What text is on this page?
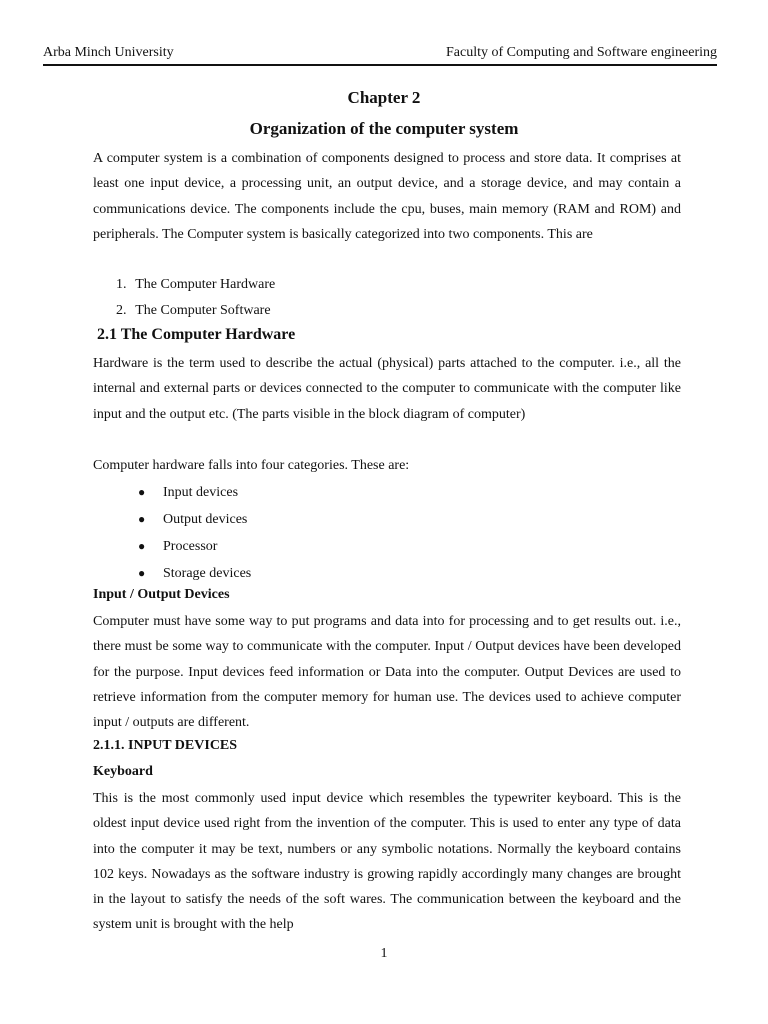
Arba Minch University	Faculty of Computing and Software engineering
Chapter 2
Organization of the computer system
A computer system is a combination of components designed to process and store data. It comprises at least one input device, a processing unit, an output device, and a storage device, and may contain a communications device. The components include the cpu, buses, main memory (RAM and ROM) and peripherals. The Computer system is basically categorized into two components. This are
1. The Computer Hardware
2. The Computer Software
2.1 The Computer Hardware
Hardware is the term used to describe the actual (physical) parts attached to the computer. i.e., all the internal and external parts or devices connected to the computer to communicate with the computer like input and the output etc. (The parts visible in the block diagram of computer)
Computer hardware falls into four categories. These are:
●	Input devices
●	Output devices
●	Processor
●	Storage devices
Input / Output Devices
Computer must have some way to put programs and data into for processing and to get results out. i.e., there must be some way to communicate with the computer. Input / Output devices have been developed for the purpose. Input devices feed information or Data into the computer. Output Devices are used to retrieve information from the computer memory for human use. The devices used to achieve computer input / outputs are different.
2.1.1. INPUT DEVICES
Keyboard
This is the most commonly used input device which resembles the typewriter keyboard. This is the oldest input device used right from the invention of the computer. This is used to enter any type of data into the computer it may be text, numbers or any symbolic notations. Normally the keyboard contains 102 keys. Nowadays as the software industry is growing rapidly accordingly many changes are brought in the layout to satisfy the needs of the soft wares. The communication between the keyboard and the system unit is brought with the help
1
